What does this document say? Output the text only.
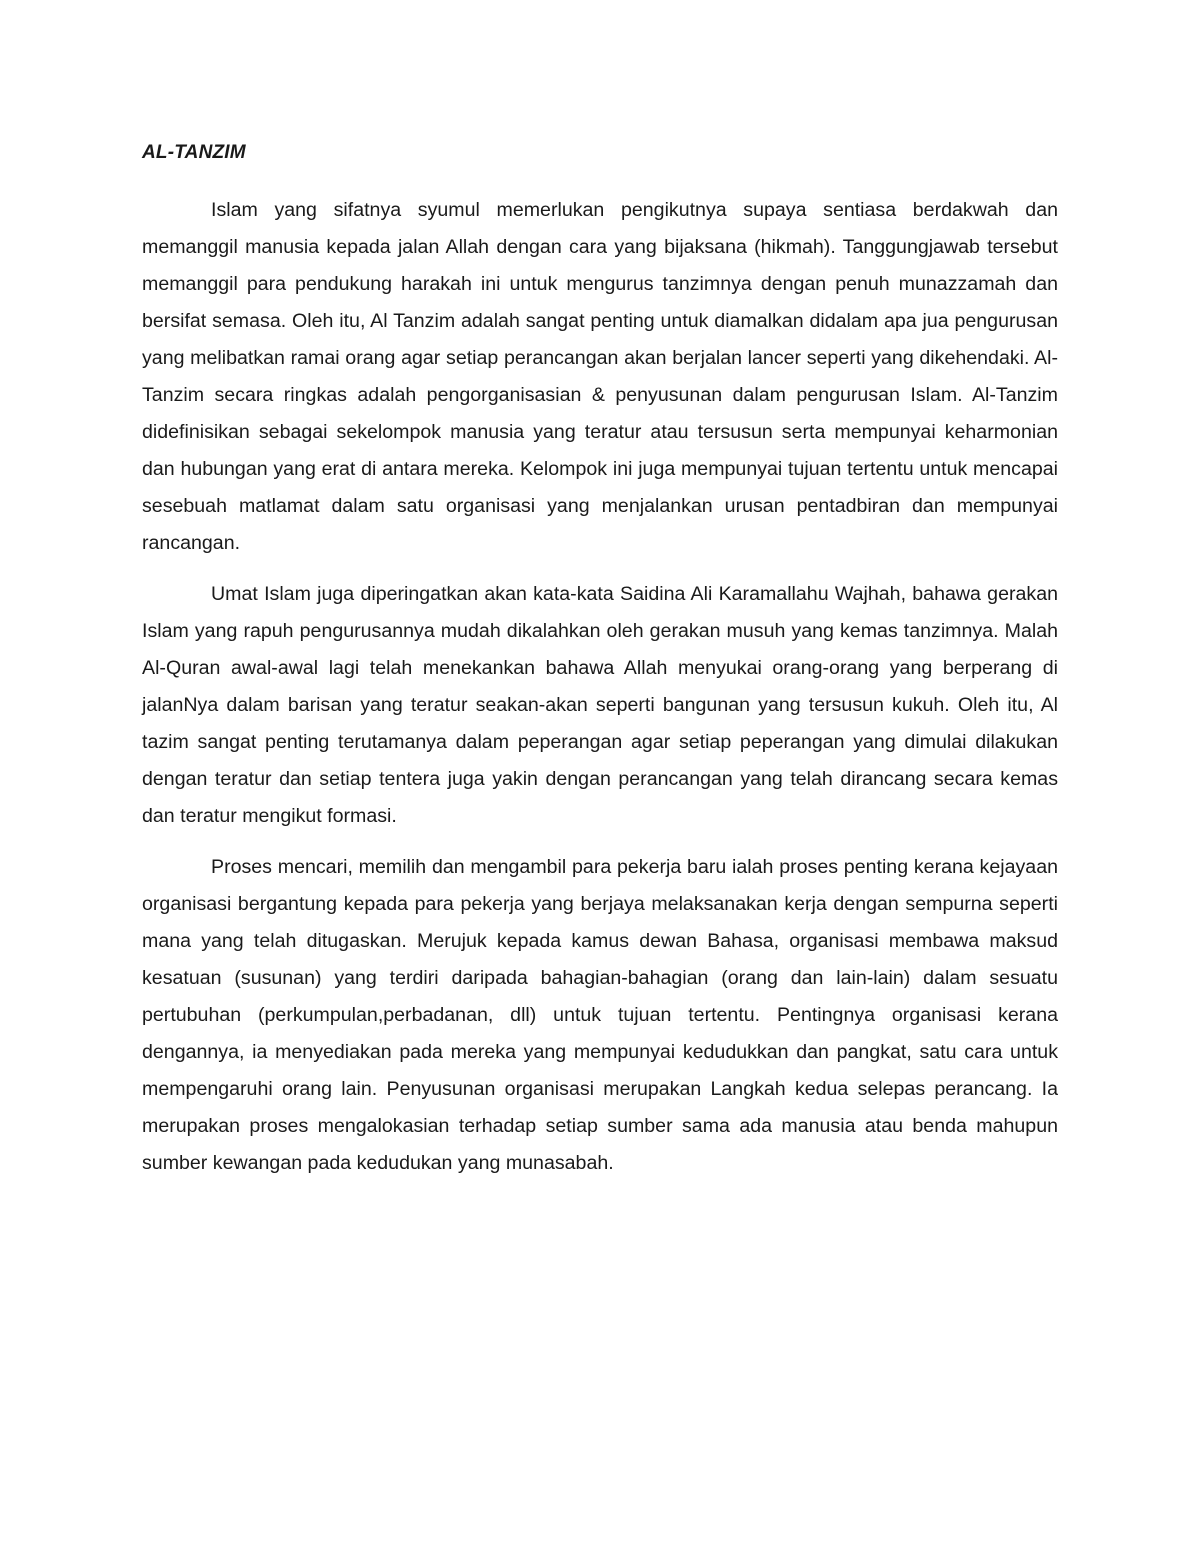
AL-TANZIM

Islam yang sifatnya syumul memerlukan pengikutnya supaya sentiasa berdakwah dan memanggil manusia kepada jalan Allah dengan cara yang bijaksana (hikmah). Tanggungjawab tersebut memanggil para pendukung harakah ini untuk mengurus tanzimnya dengan penuh munazzamah dan bersifat semasa. Oleh itu, Al Tanzim adalah sangat penting untuk diamalkan didalam apa jua pengurusan yang melibatkan ramai orang agar setiap perancangan akan berjalan lancer seperti yang dikehendaki. Al-Tanzim secara ringkas adalah pengorganisasian & penyusunan dalam pengurusan Islam. Al-Tanzim didefinisikan sebagai sekelompok manusia yang teratur atau tersusun serta mempunyai keharmonian dan hubungan yang erat di antara mereka. Kelompok ini juga mempunyai tujuan tertentu untuk mencapai sesebuah matlamat dalam satu organisasi yang menjalankan urusan pentadbiran dan mempunyai rancangan.

Umat Islam juga diperingatkan akan kata-kata Saidina Ali Karamallahu Wajhah, bahawa gerakan Islam yang rapuh pengurusannya mudah dikalahkan oleh gerakan musuh yang kemas tanzimnya. Malah Al-Quran awal-awal lagi telah menekankan bahawa Allah menyukai orang-orang yang berperang di jalanNya dalam barisan yang teratur seakan-akan seperti bangunan yang tersusun kukuh. Oleh itu, Al tazim sangat penting terutamanya dalam peperangan agar setiap peperangan yang dimulai dilakukan dengan teratur dan setiap tentera juga yakin dengan perancangan yang telah dirancang secara kemas dan teratur mengikut formasi.

Proses mencari, memilih dan mengambil para pekerja baru ialah proses penting kerana kejayaan organisasi bergantung kepada para pekerja yang berjaya melaksanakan kerja dengan sempurna seperti mana yang telah ditugaskan. Merujuk kepada kamus dewan Bahasa, organisasi membawa maksud kesatuan (susunan) yang terdiri daripada bahagian-bahagian (orang dan lain-lain) dalam sesuatu pertubuhan (perkumpulan,perbadanan, dll) untuk tujuan tertentu. Pentingnya organisasi kerana dengannya, ia menyediakan pada mereka yang mempunyai kedudukkan dan pangkat, satu cara untuk mempengaruhi orang lain. Penyusunan organisasi merupakan Langkah kedua selepas perancang. Ia merupakan proses mengalokasian terhadap setiap sumber sama ada manusia atau benda mahupun sumber kewangan pada kedudukan yang munasabah.
